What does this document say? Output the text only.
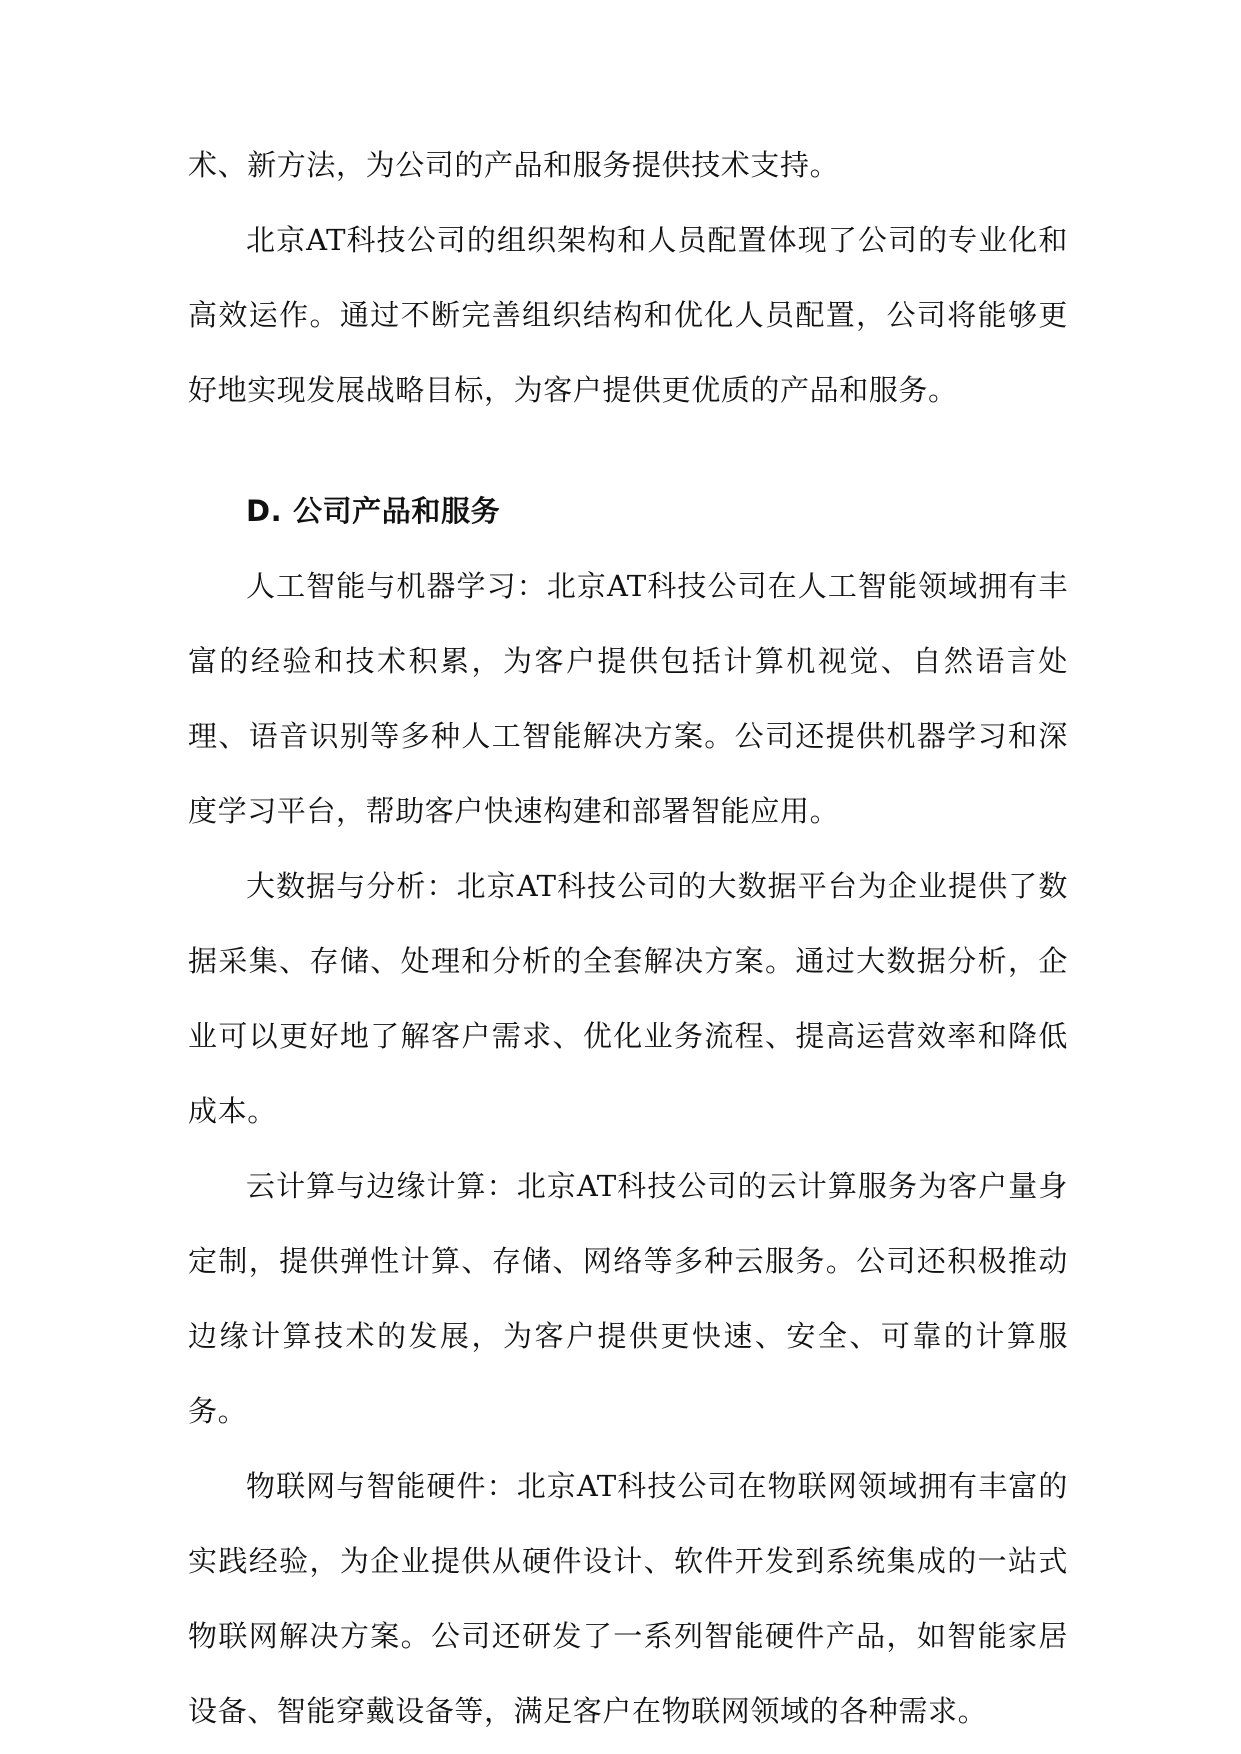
术、新方法，为公司的产品和服务提供技术支持。

北京AT科技公司的组织架构和人员配置体现了公司的专业化和高效运作。通过不断完善组织结构和优化人员配置，公司将能够更好地实现发展战略目标，为客户提供更优质的产品和服务。

D. 公司产品和服务

人工智能与机器学习：北京AT科技公司在人工智能领域拥有丰富的经验和技术积累，为客户提供包括计算机视觉、自然语言处理、语音识别等多种人工智能解决方案。公司还提供机器学习和深度学习平台，帮助客户快速构建和部署智能应用。

大数据与分析：北京AT科技公司的大数据平台为企业提供了数据采集、存储、处理和分析的全套解决方案。通过大数据分析，企业可以更好地了解客户需求、优化业务流程、提高运营效率和降低成本。

云计算与边缘计算：北京AT科技公司的云计算服务为客户量身定制，提供弹性计算、存储、网络等多种云服务。公司还积极推动边缘计算技术的发展，为客户提供更快速、安全、可靠的计算服务。

物联网与智能硬件：北京AT科技公司在物联网领域拥有丰富的实践经验，为企业提供从硬件设计、软件开发到系统集成的一站式物联网解决方案。公司还研发了一系列智能硬件产品，如智能家居设备、智能穿戴设备等，满足客户在物联网领域的各种需求。
